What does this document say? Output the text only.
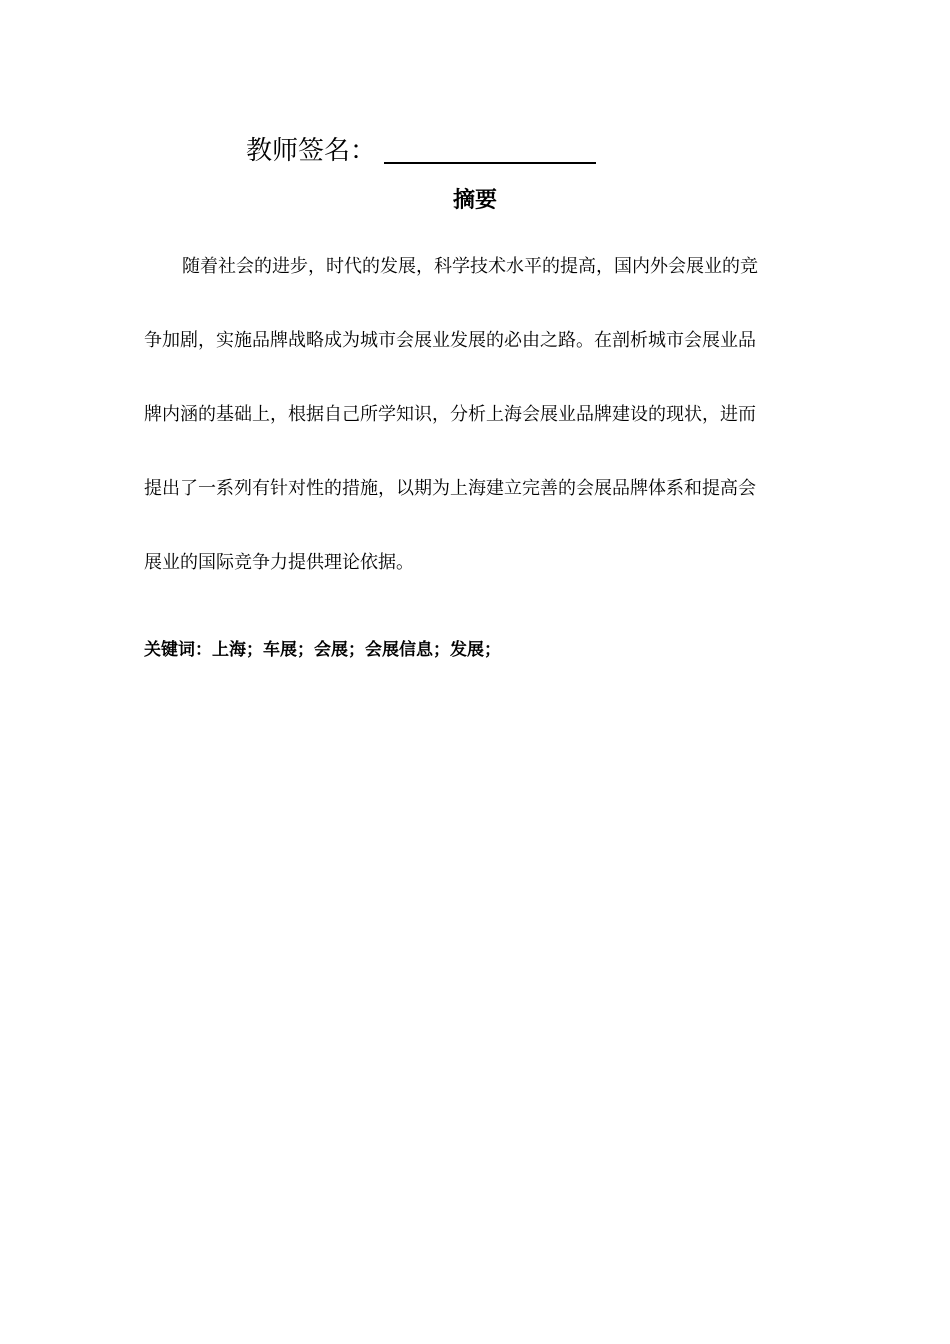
教师签名：
摘要
随着社会的进步，时代的发展，科学技术水平的提高，国内外会展业的竞
争加剧，实施品牌战略成为城市会展业发展的必由之路。在剖析城市会展业品
牌内涵的基础上，根据自己所学知识，分析上海会展业品牌建设的现状，进而
提出了一系列有针对性的措施，以期为上海建立完善的会展品牌体系和提高会
展业的国际竞争力提供理论依据。
关键词：上海；车展；会展；会展信息；发展；
